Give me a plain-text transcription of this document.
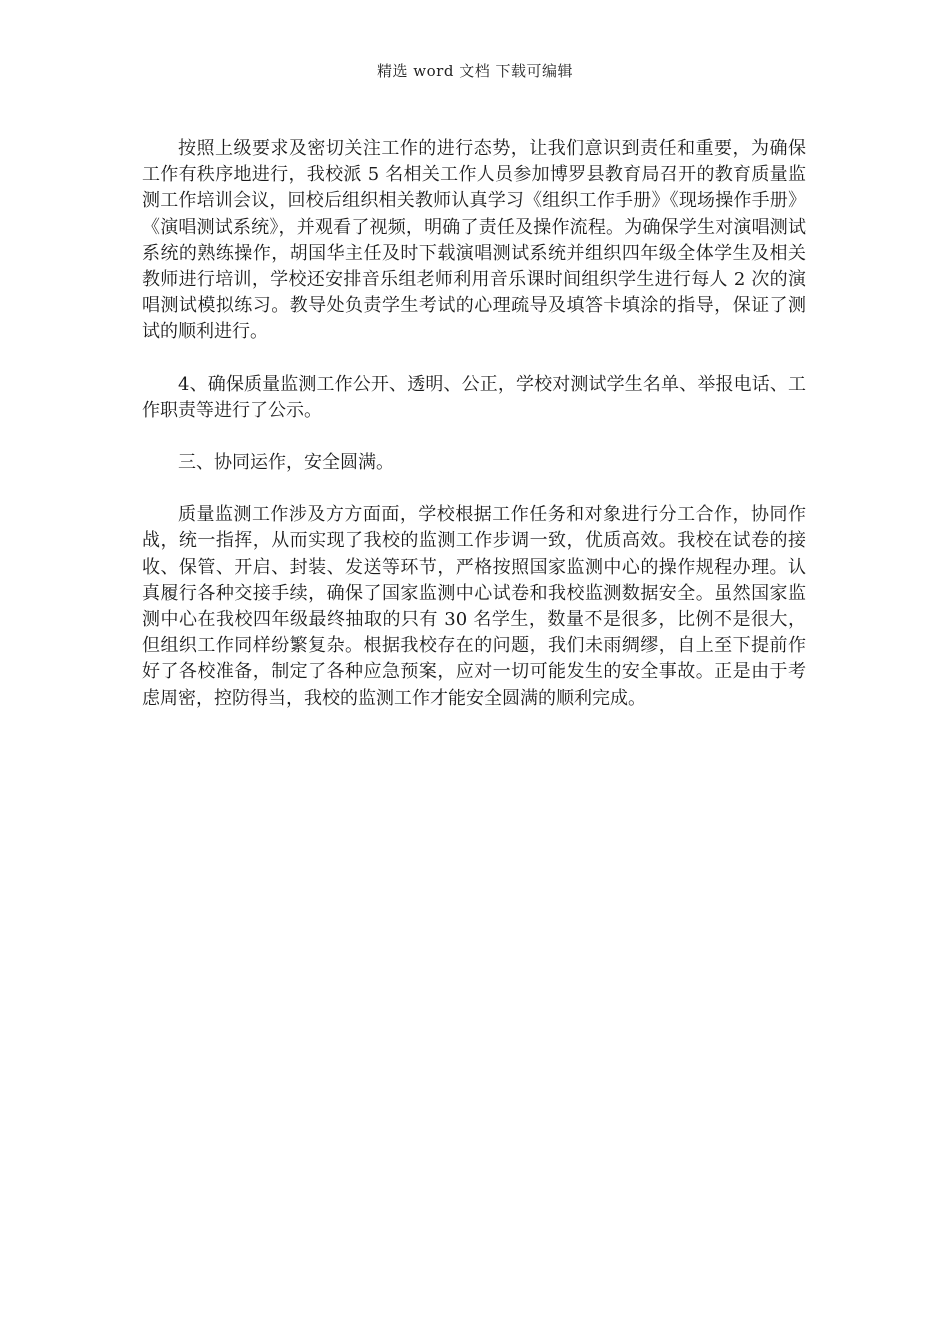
精选 word 文档 下载可编辑

按照上级要求及密切关注工作的进行态势，让我们意识到责任和重要，为确保工作有秩序地进行，我校派 5 名相关工作人员参加博罗县教育局召开的教育质量监测工作培训会议，回校后组织相关教师认真学习《组织工作手册》《现场操作手册》《演唱测试系统》，并观看了视频，明确了责任及操作流程。为确保学生对演唱测试系统的熟练操作，胡国华主任及时下载演唱测试系统并组织四年级全体学生及相关教师进行培训，学校还安排音乐组老师利用音乐课时间组织学生进行每人 2 次的演唱测试模拟练习。教导处负责学生考试的心理疏导及填答卡填涂的指导，保证了测试的顺利进行。

4、确保质量监测工作公开、透明、公正，学校对测试学生名单、举报电话、工作职责等进行了公示。

三、协同运作，安全圆满。

质量监测工作涉及方方面面，学校根据工作任务和对象进行分工合作，协同作战，统一指挥，从而实现了我校的监测工作步调一致，优质高效。我校在试卷的接收、保管、开启、封装、发送等环节，严格按照国家监测中心的操作规程办理。认真履行各种交接手续，确保了国家监测中心试卷和我校监测数据安全。虽然国家监测中心在我校四年级最终抽取的只有 30 名学生，数量不是很多，比例不是很大，但组织工作同样纷繁复杂。根据我校存在的问题，我们未雨绸缪，自上至下提前作好了各校准备，制定了各种应急预案，应对一切可能发生的安全事故。正是由于考虑周密，控防得当，我校的监测工作才能安全圆满的顺利完成。
